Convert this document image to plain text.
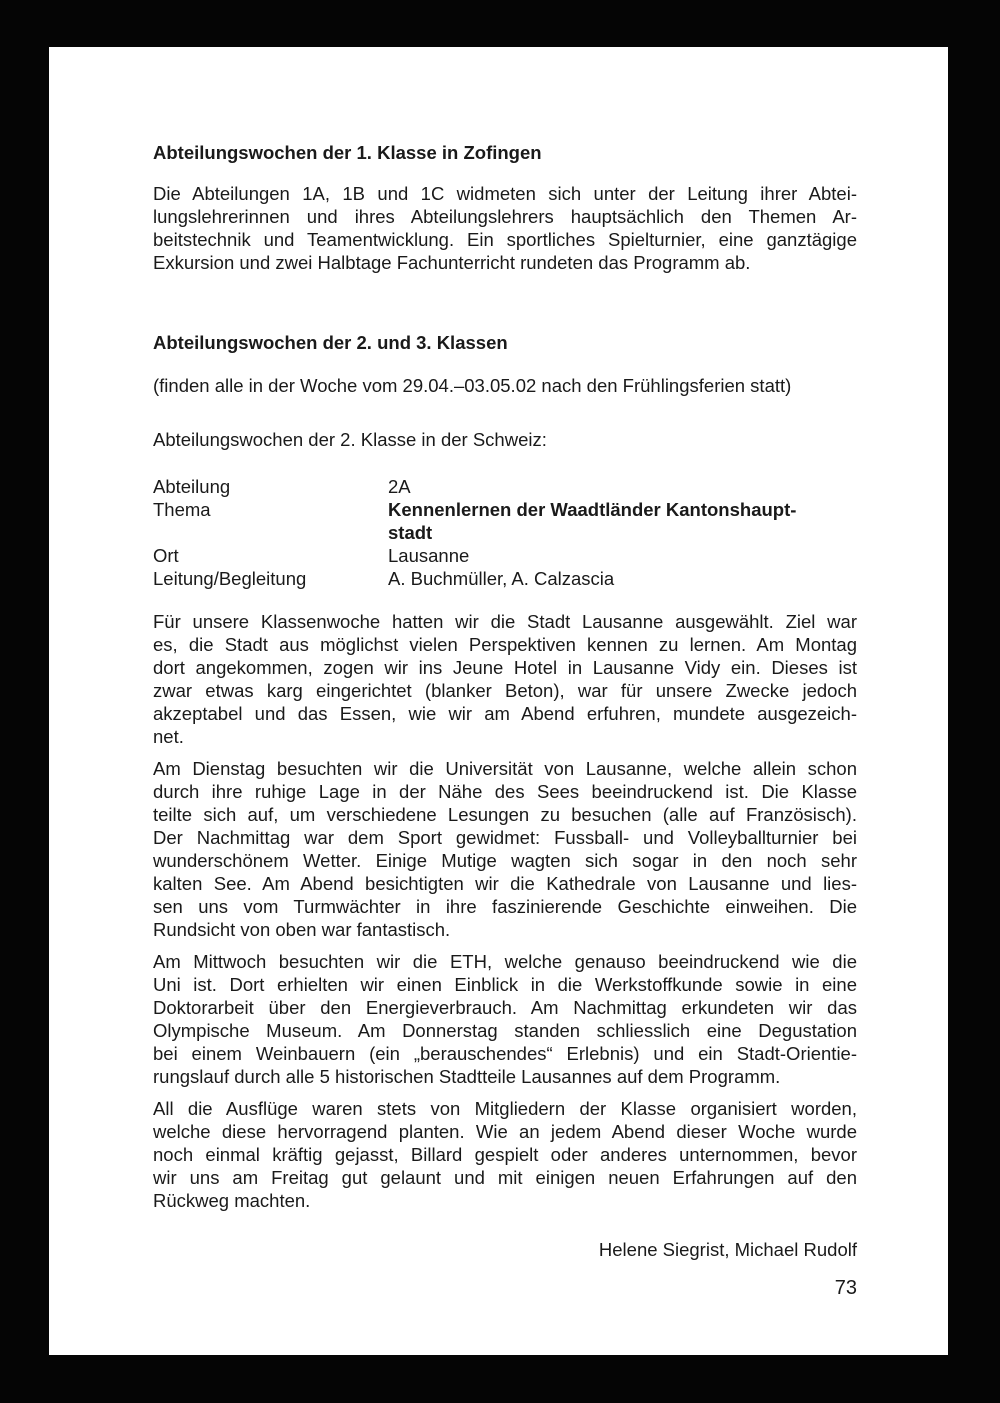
Abteilungswochen der 1. Klasse in Zofingen
Die Abteilungen 1A, 1B und 1C widmeten sich unter der Leitung ihrer Abtei-
lungslehrerinnen und ihres Abteilungslehrers hauptsächlich den Themen Ar-
beitstechnik und Teamentwicklung. Ein sportliches Spielturnier, eine ganztägige
Exkursion und zwei Halbtage Fachunterricht rundeten das Programm ab.
Abteilungswochen der 2. und 3. Klassen
(finden alle in der Woche vom 29.04.–03.05.02 nach den Frühlingsferien statt)
Abteilungswochen der 2. Klasse in der Schweiz:
Abteilung	2A
Thema	Kennenlernen der Waadtländer Kantonshaupt-
stadt
Ort	Lausanne
Leitung/Begleitung	A. Buchmüller, A. Calzascia
Für unsere Klassenwoche hatten wir die Stadt Lausanne ausgewählt. Ziel war
es, die Stadt aus möglichst vielen Perspektiven kennen zu lernen. Am Montag
dort angekommen, zogen wir ins Jeune Hotel in Lausanne Vidy ein. Dieses ist
zwar etwas karg eingerichtet (blanker Beton), war für unsere Zwecke jedoch
akzeptabel und das Essen, wie wir am Abend erfuhren, mundete ausgezeich-
net.
Am Dienstag besuchten wir die Universität von Lausanne, welche allein schon
durch ihre ruhige Lage in der Nähe des Sees beeindruckend ist. Die Klasse
teilte sich auf, um verschiedene Lesungen zu besuchen (alle auf Französisch).
Der Nachmittag war dem Sport gewidmet: Fussball- und Volleyballturnier bei
wunderschönem Wetter. Einige Mutige wagten sich sogar in den noch sehr
kalten See. Am Abend besichtigten wir die Kathedrale von Lausanne und lies-
sen uns vom Turmwächter in ihre faszinierende Geschichte einweihen. Die
Rundsicht von oben war fantastisch.
Am Mittwoch besuchten wir die ETH, welche genauso beeindruckend wie die
Uni ist. Dort erhielten wir einen Einblick in die Werkstoffkunde sowie in eine
Doktorarbeit über den Energieverbrauch. Am Nachmittag erkundeten wir das
Olympische Museum. Am Donnerstag standen schliesslich eine Degustation
bei einem Weinbauern (ein „berauschendes“ Erlebnis) und ein Stadt-Orientie-
rungslauf durch alle 5 historischen Stadtteile Lausannes auf dem Programm.
All die Ausflüge waren stets von Mitgliedern der Klasse organisiert worden,
welche diese hervorragend planten. Wie an jedem Abend dieser Woche wurde
noch einmal kräftig gejasst, Billard gespielt oder anderes unternommen, bevor
wir uns am Freitag gut gelaunt und mit einigen neuen Erfahrungen auf den
Rückweg machten.
Helene Siegrist, Michael Rudolf
73
